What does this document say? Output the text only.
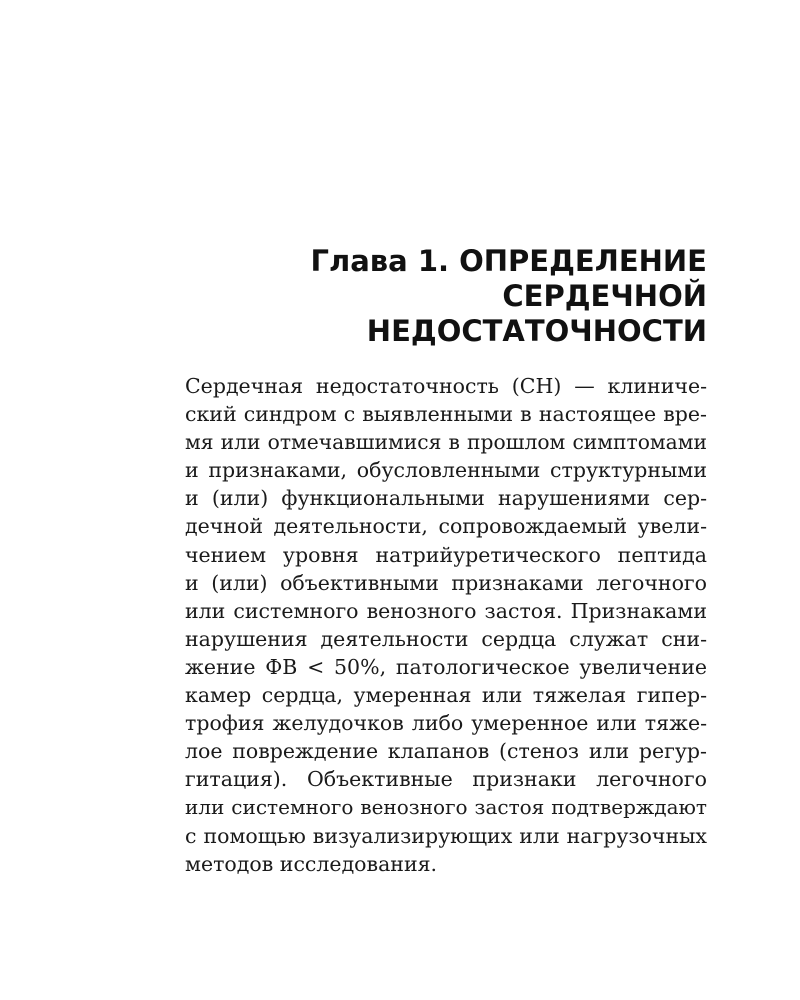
Глава 1. ОПРЕДЕЛЕНИЕ
СЕРДЕЧНОЙ
НЕДОСТАТОЧНОСТИ
Сердечная недостаточность (СН) — клиниче-
ский синдром с выявленными в настоящее вре-
мя или отмечавшимися в прошлом симптомами
и признаками, обусловленными структурными
и (или) функциональными нарушениями сер-
дечной деятельности, сопровождаемый увели-
чением уровня натрийуретического пептида
и (или) объективными признаками легочного
или системного венозного застоя. Признаками
нарушения деятельности сердца служат сни-
жение ФВ < 50%, патологическое увеличение
камер сердца, умеренная или тяжелая гипер-
трофия желудочков либо умеренное или тяже-
лое повреждение клапанов (стеноз или регур-
гитация). Объективные признаки легочного
или системного венозного застоя подтверждают
с помощью визуализирующих или нагрузочных
методов исследования.
